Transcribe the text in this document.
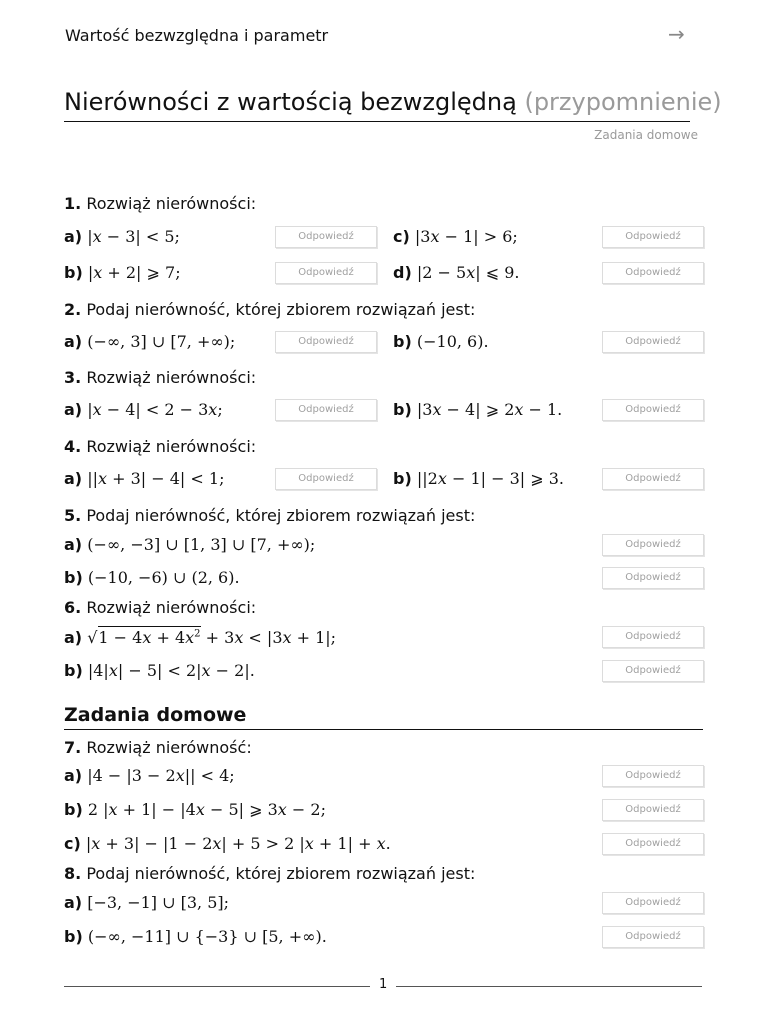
Wartość bezwzględna i parametr	→
Nierówności z wartością bezwzględną (przypomnienie)
Zadania domowe
1. Rozwiąż nierówności:
a) |x − 3| < 5;	Odpowiedź	c) |3x − 1| > 6;	Odpowiedź
b) |x + 2| ⩾ 7;	Odpowiedź	d) |2 − 5x| ⩽ 9.	Odpowiedź
2. Podaj nierówność, której zbiorem rozwiązań jest:
a) (−∞, 3] ∪ [7, +∞);	Odpowiedź	b) (−10, 6).	Odpowiedź
3. Rozwiąż nierówności:
a) |x − 4| < 2 − 3x;	Odpowiedź	b) |3x − 4| ⩾ 2x − 1.	Odpowiedź
4. Rozwiąż nierówności:
a) ||x + 3| − 4| < 1;	Odpowiedź	b) ||2x − 1| − 3| ⩾ 3.	Odpowiedź
5. Podaj nierówność, której zbiorem rozwiązań jest:
a) (−∞, −3] ∪ [1, 3] ∪ [7, +∞);	Odpowiedź
b) (−10, −6) ∪ (2, 6).	Odpowiedź
6. Rozwiąż nierówności:
a) $√1 - 4x + 4x^2 + 3x < |3x + 1|$;	Odpowiedź
b) |4|x| − 5| < 2|x − 2|.	Odpowiedź
Zadania domowe
7. Rozwiąż nierówność:
a) |4 − |3 − 2x|| < 4;	Odpowiedź
b) 2 |x + 1| − |4x − 5| ⩾ 3x − 2;	Odpowiedź
c) |x + 3| − |1 − 2x| + 5 > 2 |x + 1| + x.	Odpowiedź
8. Podaj nierówność, której zbiorem rozwiązań jest:
a) [−3, −1] ∪ [3, 5];	Odpowiedź
b) (−∞, −11] ∪ {−3} ∪ [5, +∞).	Odpowiedź
1
